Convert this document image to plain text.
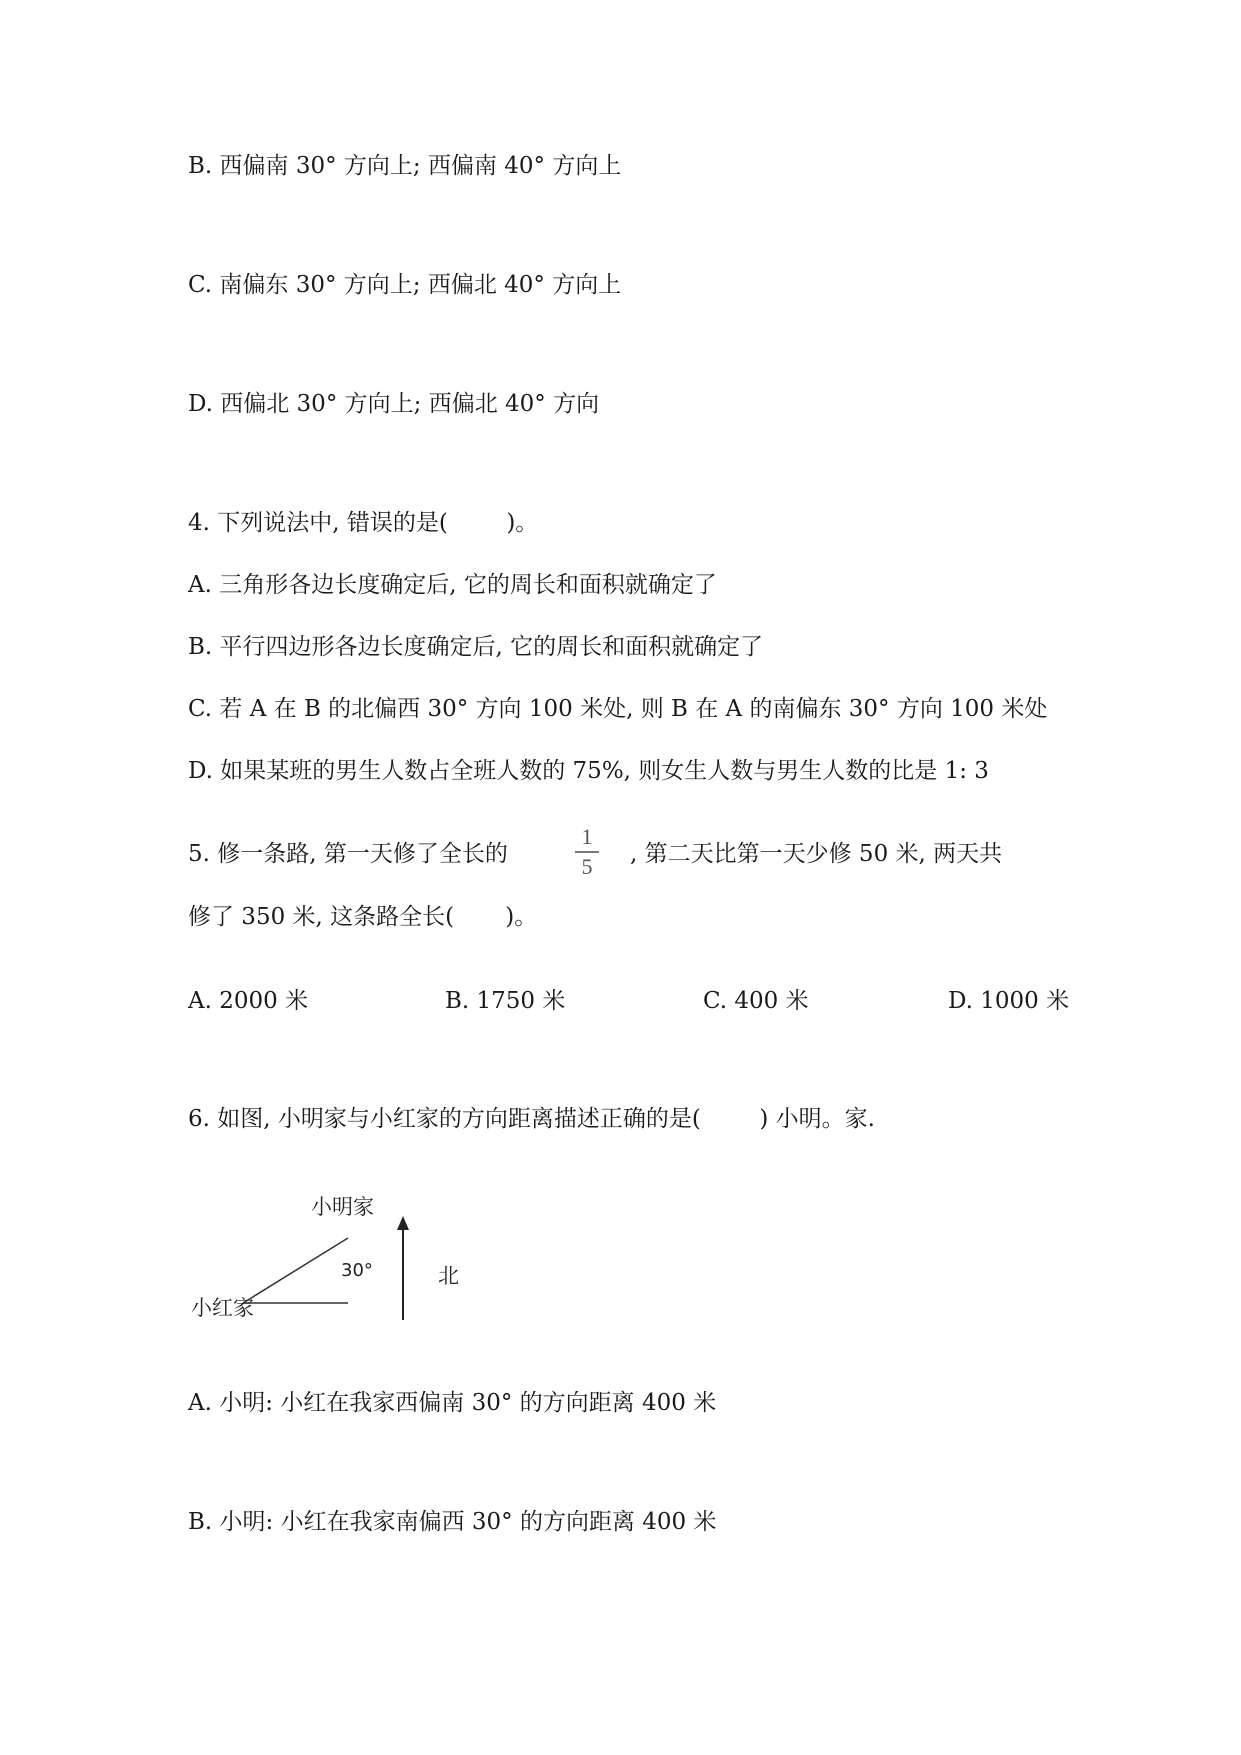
B. 西偏南 30° 方向上; 西偏南 40° 方向上
C. 南偏东 30° 方向上; 西偏北 40° 方向上
D. 西偏北 30° 方向上; 西偏北 40° 方向
4. 下列说法中, 错误的是(        )。
A. 三角形各边长度确定后, 它的周长和面积就确定了
B. 平行四边形各边长度确定后, 它的周长和面积就确定了
C. 若 A 在 B 的北偏西 30° 方向 100 米处, 则 B 在 A 的南偏东 30° 方向 100 米处
D. 如果某班的男生人数占全班人数的 75%, 则女生人数与男生人数的比是 1: 3
5. 修一条路, 第一天修了全长的
1
5	, 第二天比第一天少修 50 米, 两天共
修了 350 米, 这条路全长(       )。
A. 2000 米	B. 1750 米	C. 400 米	D. 1000 米
6. 如图, 小明家与小红家的方向距离描述正确的是(        ) 小明。家.
小明家
小红家
30°	北
A. 小明: 小红在我家西偏南 30° 的方向距离 400 米
B. 小明: 小红在我家南偏西 30° 的方向距离 400 米
